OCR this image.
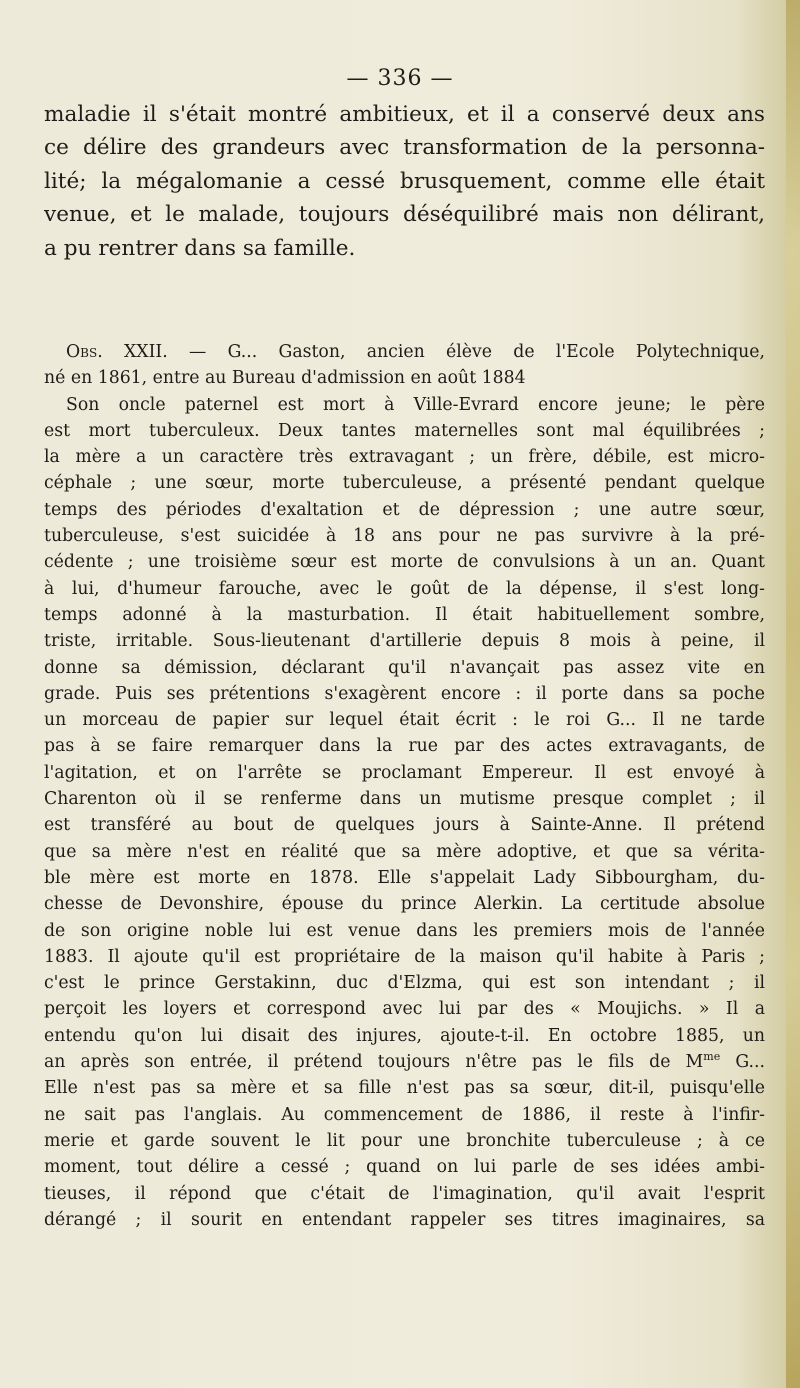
— 336 —
maladie il s'était montré ambitieux, et il a conservé deux ans
ce délire des grandeurs avec transformation de la personna-
lité; la mégalomanie a cessé brusquement, comme elle était
venue, et le malade, toujours déséquilibré mais non délirant,
a pu rentrer dans sa famille.
Obs. XXII. — G... Gaston, ancien élève de l'Ecole Polytechnique,
né en 1861, entre au Bureau d'admission en août 1884
Son oncle paternel est mort à Ville-Evrard encore jeune; le père
est mort tuberculeux. Deux tantes maternelles sont mal équilibrées ;
la mère a un caractère très extravagant ; un frère, débile, est micro-
céphale ; une sœur, morte tuberculeuse, a présenté pendant quelque
temps des périodes d'exaltation et de dépression ; une autre sœur,
tuberculeuse, s'est suicidée à 18 ans pour ne pas survivre à la pré-
cédente ; une troisième sœur est morte de convulsions à un an. Quant
à lui, d'humeur farouche, avec le goût de la dépense, il s'est long-
temps adonné à la masturbation. Il était habituellement sombre,
triste, irritable. Sous-lieutenant d'artillerie depuis 8 mois à peine, il
donne sa démission, déclarant qu'il n'avançait pas assez vite en
grade. Puis ses prétentions s'exagèrent encore : il porte dans sa poche
un morceau de papier sur lequel était écrit : le roi G... Il ne tarde
pas à se faire remarquer dans la rue par des actes extravagants, de
l'agitation, et on l'arrête se proclamant Empereur. Il est envoyé à
Charenton où il se renferme dans un mutisme presque complet ; il
est transféré au bout de quelques jours à Sainte-Anne. Il prétend
que sa mère n'est en réalité que sa mère adoptive, et que sa vérita-
ble mère est morte en 1878. Elle s'appelait Lady Sibbourgham, du-
chesse de Devonshire, épouse du prince Alerkin. La certitude absolue
de son origine noble lui est venue dans les premiers mois de l'année
1883. Il ajoute qu'il est propriétaire de la maison qu'il habite à Paris ;
c'est le prince Gerstakinn, duc d'Elzma, qui est son intendant ; il
perçoit les loyers et correspond avec lui par des « Moujichs. » Il a
entendu qu'on lui disait des injures, ajoute-t-il. En octobre 1885, un
an après son entrée, il prétend toujours n'être pas le fils de $M^{me}$ G...
Elle n'est pas sa mère et sa fille n'est pas sa sœur, dit-il, puisqu'elle
ne sait pas l'anglais. Au commencement de 1886, il reste à l'infir-
merie et garde souvent le lit pour une bronchite tuberculeuse ; à ce
moment, tout délire a cessé ; quand on lui parle de ses idées ambi-
tieuses, il répond que c'était de l'imagination, qu'il avait l'esprit
dérangé ; il sourit en entendant rappeler ses titres imaginaires, sa
